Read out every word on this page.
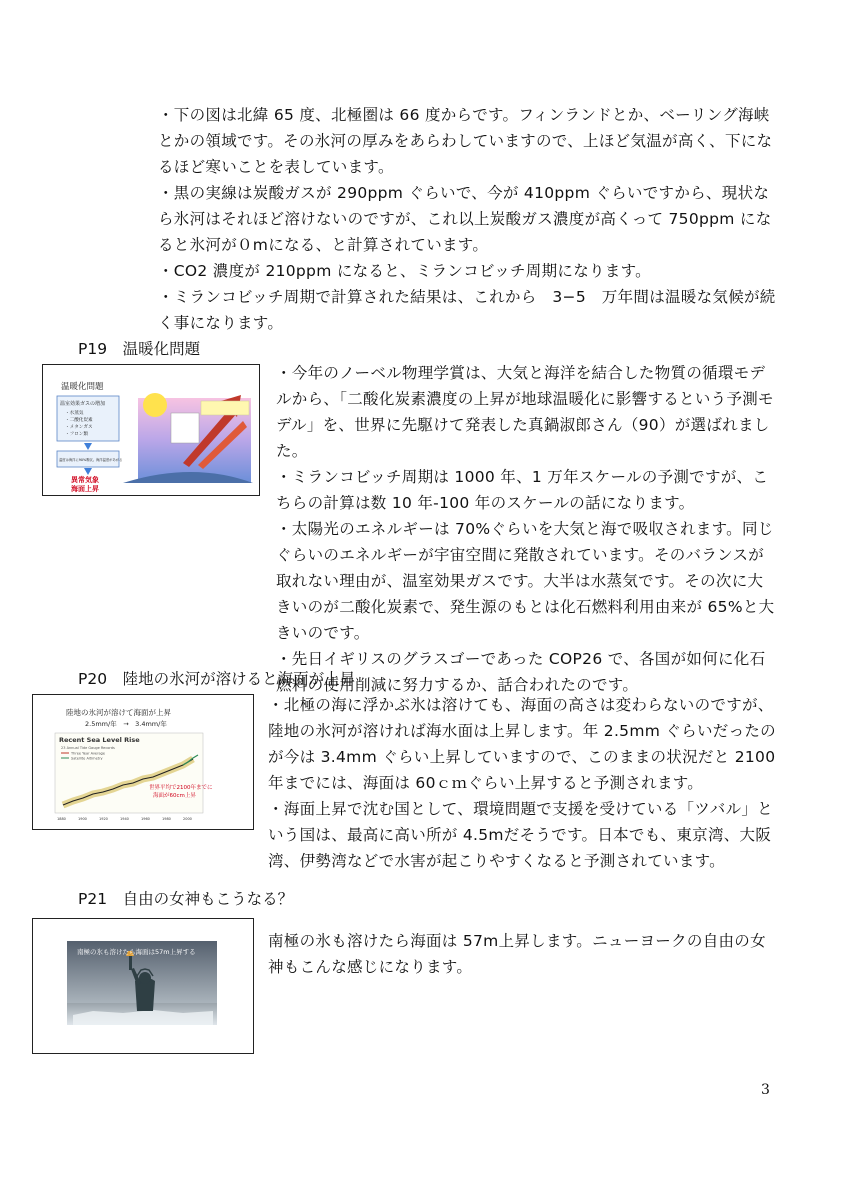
・下の図は北緯 65 度、北極圏は 66 度からです。フィンランドとか、ベーリング海峡とかの領域です。その氷河の厚みをあらわしていますので、上ほど気温が高く、下になるほど寒いことを表しています。

・黒の実線は炭酸ガスが 290ppm ぐらいで、今が 410ppm ぐらいですから、現状なら氷河はそれほど溶けないのですが、これ以上炭酸ガス濃度が高くって 750ppm になると氷河が０mになる、と計算されています。

・CO2 濃度が 210ppm になると、ミランコビッチ周期になります。

・ミランコビッチ周期で計算された結果は、これから　3−5　万年間は温暖な気候が続く事になります。

P19　温暖化問題
温暖化問題
温室効果ガスの増加
・水蒸気
・二酸化炭素
・メタンガス
・フロン類
温度は海洋に90%吸収。海洋温度があがる
異常気象
海面上昇

・今年のノーベル物理学賞は、大気と海洋を結合した物質の循環モデルから、「二酸化炭素濃度の上昇が地球温暖化に影響するという予測モデル」を、世界に先駆けて発表した真鍋淑郎さん（90）が選ばれました。

・ミランコビッチ周期は 1000 年、1 万年スケールの予測ですが、こちらの計算は数 10 年-100 年のスケールの話になります。

・太陽光のエネルギーは 70%ぐらいを大気と海で吸収されます。同じぐらいのエネルギーが宇宙空間に発散されています。そのバランスが取れない理由が、温室効果ガスです。大半は水蒸気です。その次に大きいのが二酸化炭素で、発生源のもとは化石燃料利用由来が 65%と大きいのです。

・先日イギリスのグラスゴーであった COP26 で、各国が如何に化石燃料の使用削減に努力するか、話合われたのです。

P20　陸地の氷河が溶けると海面が上昇
陸地の氷河が溶けて海面が上昇
2.5mm/年　→　3.4mm/年
Recent Sea Level Rise
23 Annual Tide Gauge Records
Three Year Average
Satellite Altimetry
世界平均で2100年までに
海面が60cm上昇
1880	1900	1920	1940	1960	1980	2000

・北極の海に浮かぶ氷は溶けても、海面の高さは変わらないのですが、陸地の氷河が溶ければ海水面は上昇します。年 2.5mm ぐらいだったのが今は 3.4mm ぐらい上昇していますので、このままの状況だと 2100 年までには、海面は 60ｃｍぐらい上昇すると予測されます。

・海面上昇で沈む国として、環境問題で支援を受けている「ツバル」という国は、最高に高い所が 4.5mだそうです。日本でも、東京湾、大阪湾、伊勢湾などで水害が起こりやすくなると予測されています。

P21　自由の女神もこうなる？
南極の氷も溶けたら海面は57m上昇する

南極の氷も溶けたら海面は 57m上昇します。ニューヨークの自由の女神もこんな感じになります。

3
